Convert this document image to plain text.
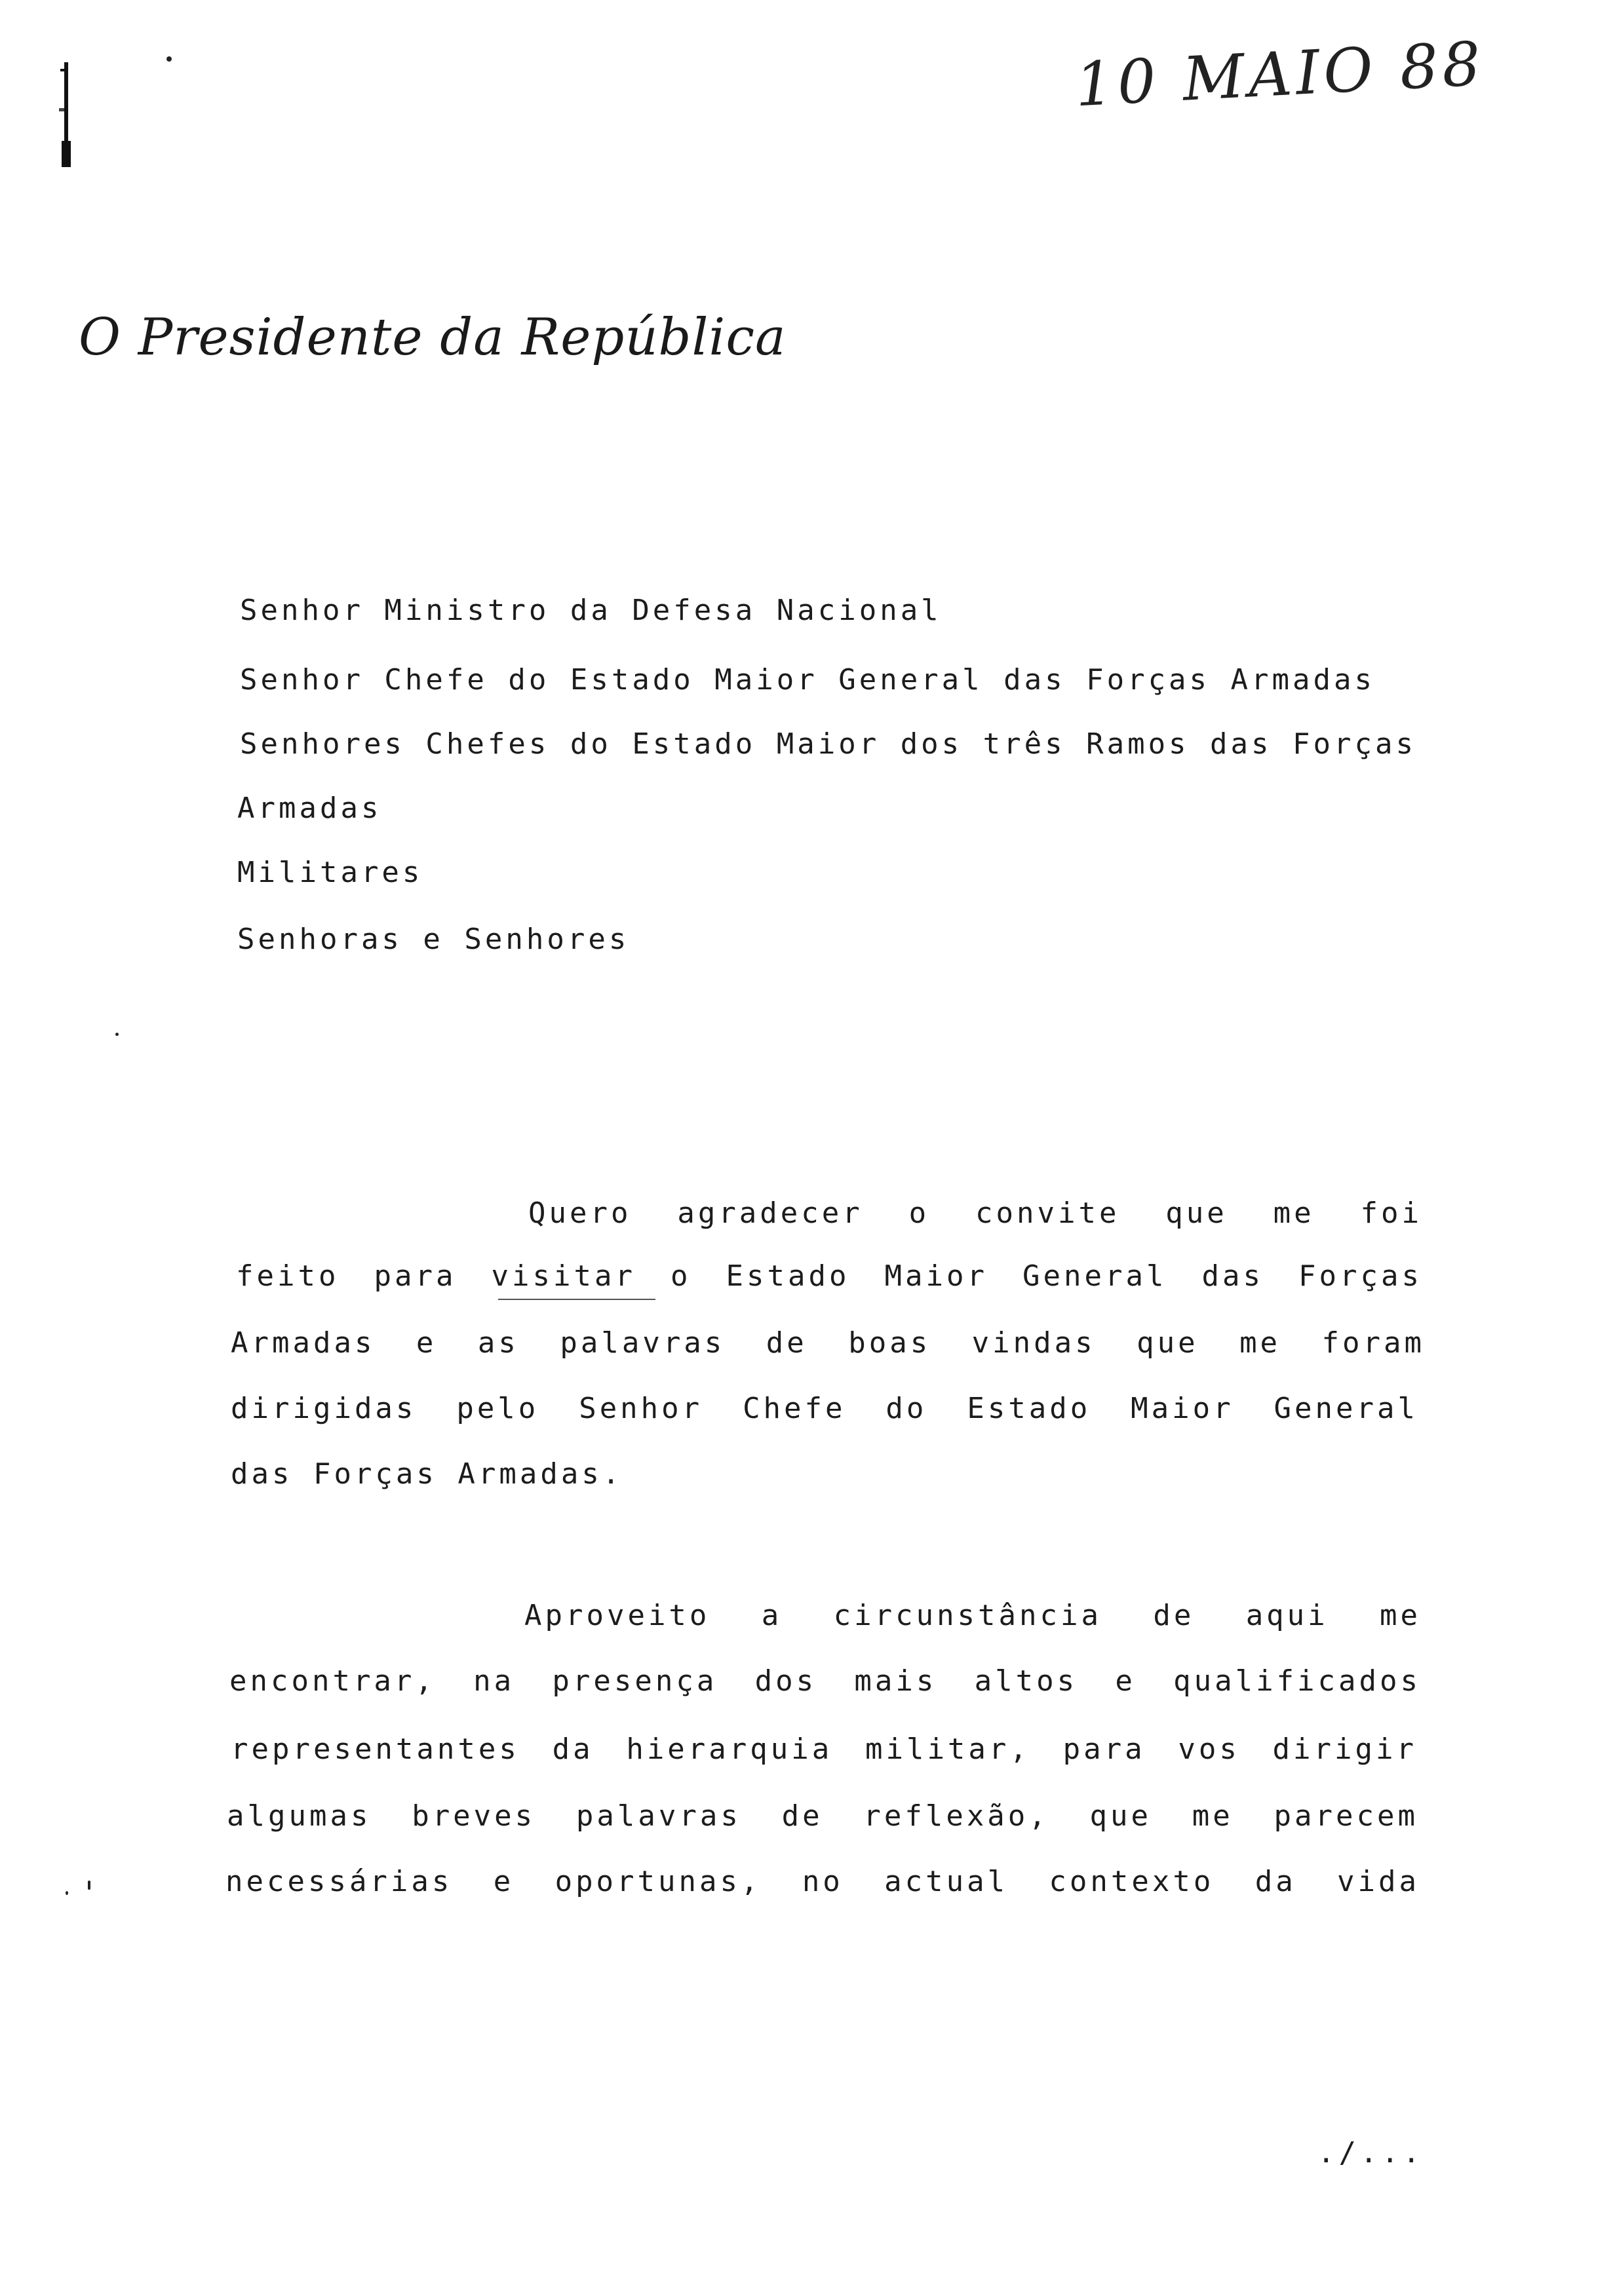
10 MAIO 88
O Presidente da República
Senhor Ministro da Defesa Nacional
Senhor Chefe do Estado Maior General das Forças Armadas
Senhores Chefes do Estado Maior dos três Ramos das Forças
Armadas
Militares
Senhoras e Senhores
Quero agradecer o convite que me foi
feito para visitar o Estado Maior General das Forças
Armadas e as palavras de boas vindas que me foram
dirigidas pelo Senhor Chefe do Estado Maior General
das Forças Armadas.
Aproveito a circunstância de aqui me
encontrar, na presença dos mais altos e qualificados
representantes da hierarquia militar, para vos dirigir
algumas breves palavras de reflexão, que me parecem
necessárias e oportunas, no actual contexto da vida
./...
